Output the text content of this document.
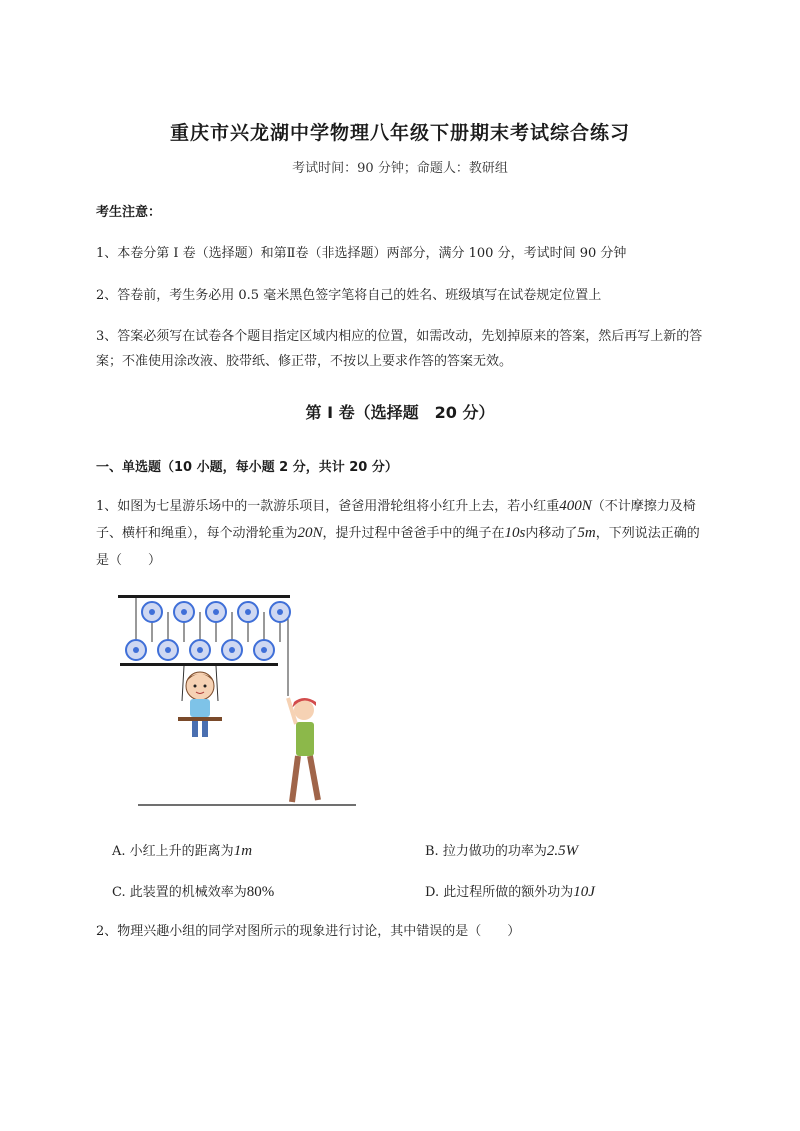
重庆市兴龙湖中学物理八年级下册期末考试综合练习
考试时间：90 分钟；命题人：教研组
考生注意：
1、本卷分第 I 卷（选择题）和第Ⅱ卷（非选择题）两部分，满分 100 分，考试时间 90 分钟
2、答卷前，考生务必用 0.5 毫米黑色签字笔将自己的姓名、班级填写在试卷规定位置上
3、答案必须写在试卷各个题目指定区域内相应的位置，如需改动，先划掉原来的答案，然后再写上新的答案；不准使用涂改液、胶带纸、修正带，不按以上要求作答的答案无效。
第 I 卷（选择题　20 分）
一、单选题（10 小题，每小题 2 分，共计 20 分）
1、如图为七星游乐场中的一款游乐项目，爸爸用滑轮组将小红升上去，若小红重400N（不计摩擦力及椅子、横杆和绳重），每个动滑轮重为20N，提升过程中爸爸手中的绳子在10s内移动了5m，下列说法正确的是（　　）
A. 小红上升的距离为1m	B. 拉力做功的功率为2.5W
C. 此装置的机械效率为80%	D. 此过程所做的额外功为10J
2、物理兴趣小组的同学对图所示的现象进行讨论，其中错误的是（　　）
